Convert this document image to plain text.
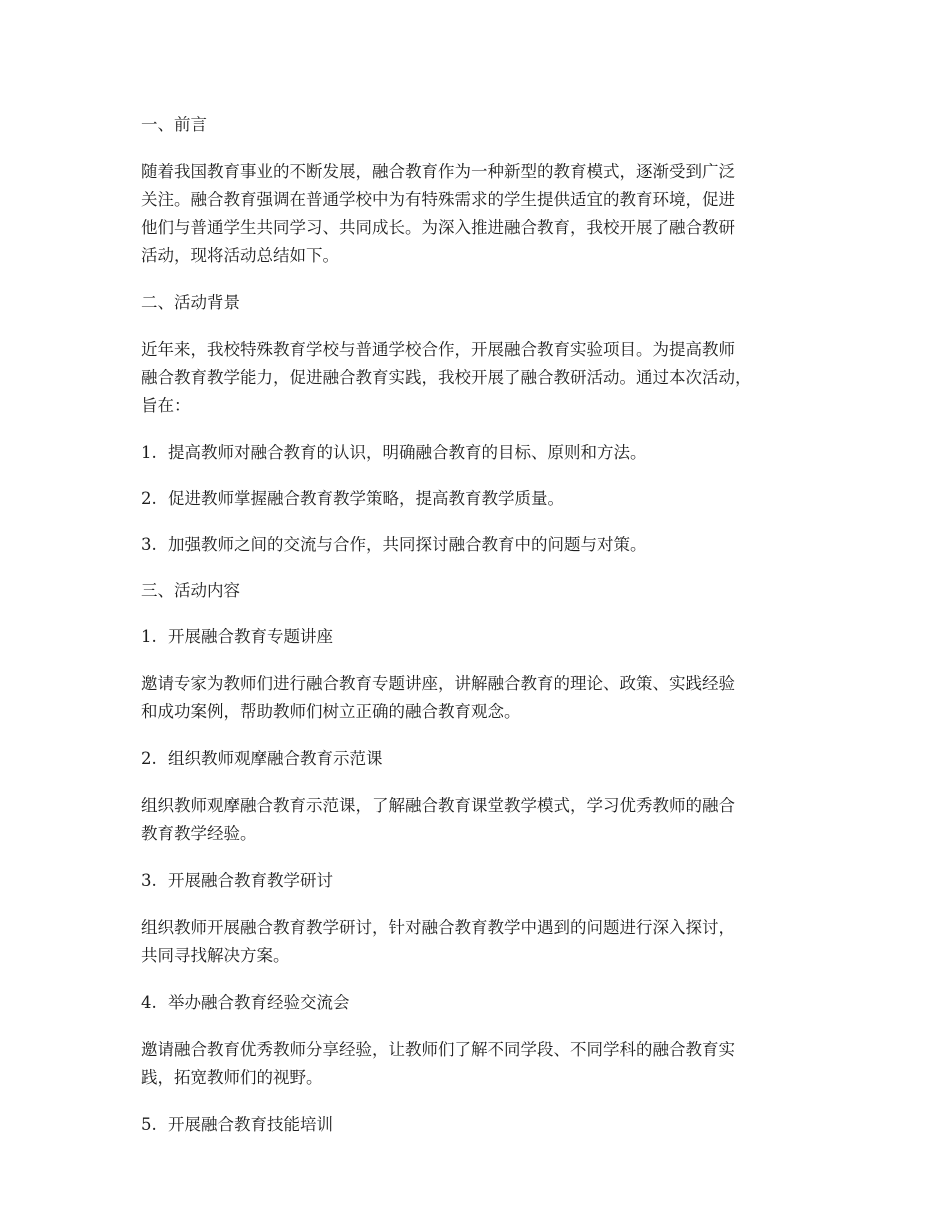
一、前言
随着我国教育事业的不断发展，融合教育作为一种新型的教育模式，逐渐受到广泛
关注。融合教育强调在普通学校中为有特殊需求的学生提供适宜的教育环境，促进
他们与普通学生共同学习、共同成长。为深入推进融合教育，我校开展了融合教研
活动，现将活动总结如下。
二、活动背景
近年来，我校特殊教育学校与普通学校合作，开展融合教育实验项目。为提高教师
融合教育教学能力，促进融合教育实践，我校开展了融合教研活动。通过本次活动，
旨在：
1. 提高教师对融合教育的认识，明确融合教育的目标、原则和方法。
2. 促进教师掌握融合教育教学策略，提高教育教学质量。
3. 加强教师之间的交流与合作，共同探讨融合教育中的问题与对策。
三、活动内容
1. 开展融合教育专题讲座
邀请专家为教师们进行融合教育专题讲座，讲解融合教育的理论、政策、实践经验
和成功案例，帮助教师们树立正确的融合教育观念。
2. 组织教师观摩融合教育示范课
组织教师观摩融合教育示范课，了解融合教育课堂教学模式，学习优秀教师的融合
教育教学经验。
3. 开展融合教育教学研讨
组织教师开展融合教育教学研讨，针对融合教育教学中遇到的问题进行深入探讨，
共同寻找解决方案。
4. 举办融合教育经验交流会
邀请融合教育优秀教师分享经验，让教师们了解不同学段、不同学科的融合教育实
践，拓宽教师们的视野。
5. 开展融合教育技能培训
